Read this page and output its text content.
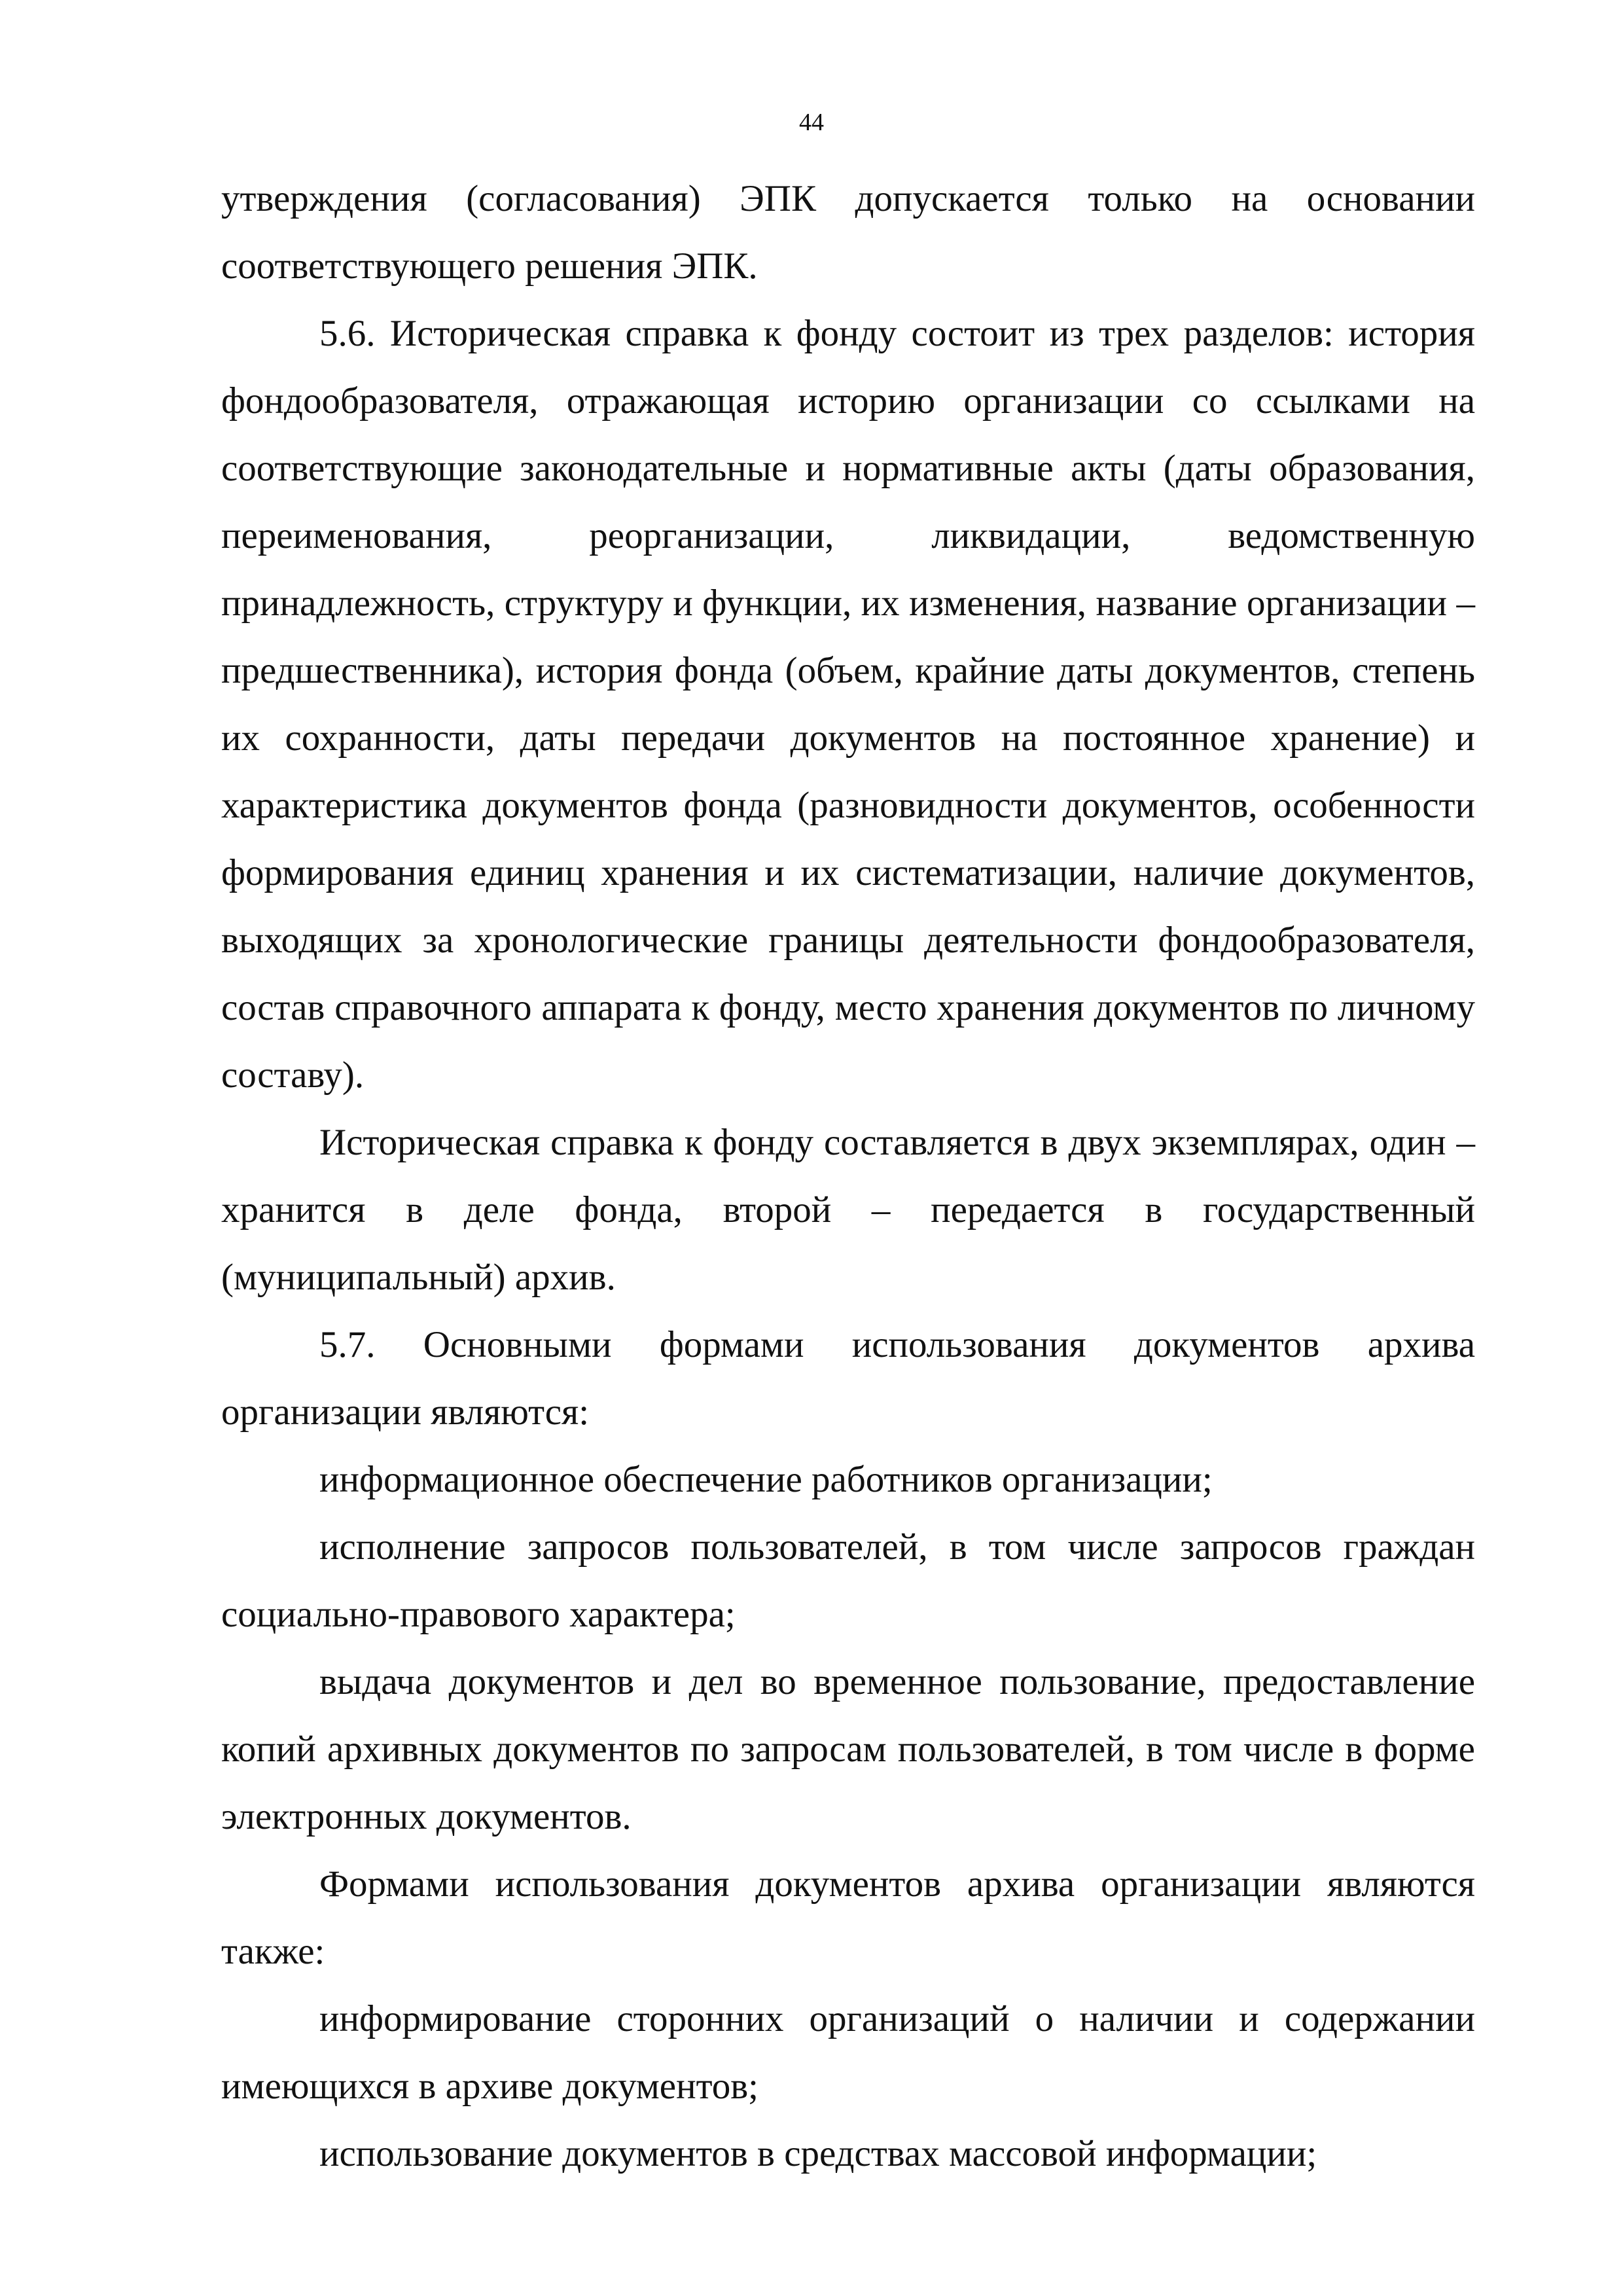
44

утверждения (согласования) ЭПК допускается только на основании соответствующего решения ЭПК.

5.6. Историческая справка к фонду состоит из трех разделов: история фондообразователя, отражающая историю организации со ссылками на соответствующие законодательные и нормативные акты (даты образования, переименования, реорганизации, ликвидации, ведомственную принадлежность, структуру и функции, их изменения, название организации – предшественника), история фонда (объем, крайние даты документов, степень их сохранности, даты передачи документов на постоянное хранение) и характеристика документов фонда (разновидности документов, особенности формирования единиц хранения и их систематизации, наличие документов, выходящих за хронологические границы деятельности фондообразователя, состав справочного аппарата к фонду, место хранения документов по личному составу).

Историческая справка к фонду составляется в двух экземплярах, один – хранится в деле фонда, второй – передается в государственный (муниципальный) архив.

5.7. Основными формами использования документов архива организации являются:

информационное обеспечение работников организации;

исполнение запросов пользователей, в том числе запросов граждан социально-правового характера;

выдача документов и дел во временное пользование, предоставление копий архивных документов по запросам пользователей, в том числе в форме электронных документов.

Формами использования документов архива организации являются также:

информирование сторонних организаций о наличии и содержании имеющихся в архиве документов;

использование документов в средствах массовой информации;
